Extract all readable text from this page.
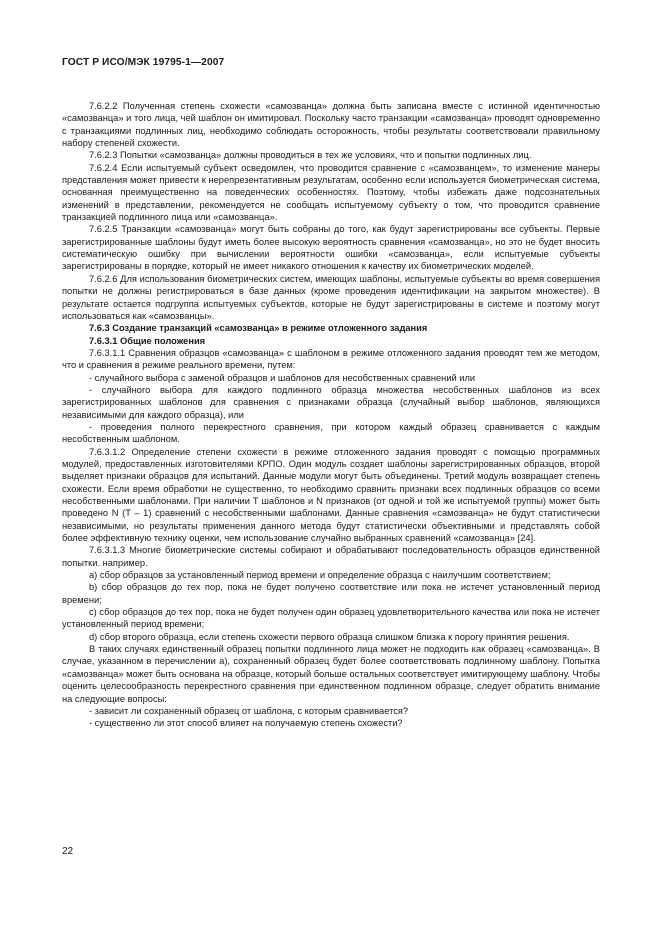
ГОСТ Р ИСО/МЭК 19795-1—2007

7.6.2.2 Полученная степень схожести «самозванца» должна быть записана вместе с истинной идентичностью «самозванца» и того лица, чей шаблон он имитировал. Поскольку часто транзакции «самозванца» проводят одновременно с транзакциями подлинных лиц, необходимо соблюдать осторожность, чтобы результаты соответствовали правильному набору степеней схожести.

7.6.2.3 Попытки «самозванца» должны проводиться в тех же условиях, что и попытки подлинных лиц.

7.6.2.4 Если испытуемый субъект осведомлен, что проводится сравнение с «самозванцем», то изменение манеры представления может привести к нерепрезентативным результатам, особенно если используется биометрическая система, основанная преимущественно на поведенческих особенностях. Поэтому, чтобы избежать даже подсознательных изменений в представлении, рекомендуется не сообщать испытуемому субъекту о том, что проводится сравнение транзакцией подлинного лица или «самозванца».

7.6.2.5 Транзакции «самозванца» могут быть собраны до того, как будут зарегистрированы все субъекты. Первые зарегистрированные шаблоны будут иметь более высокую вероятность сравнения «самозванца», но это не будет вносить систематическую ошибку при вычислении вероятности ошибки «самозванца», если испытуемые субъекты зарегистрированы в порядке, который не имеет никакого отношения к качеству их биометрических моделей.

7.6.2.6 Для использования биометрических систем, имеющих шаблоны, испытуемые субъекты во время совершения попытки не должны регистрироваться в базе данных (кроме проведения идентификации на закрытом множестве). В результате остается подгруппа испытуемых субъектов, которые не будут зарегистрированы в системе и поэтому могут использоваться как «самозванцы».

7.6.3 Создание транзакций «самозванца» в режиме отложенного задания

7.6.3.1 Общие положения

7.6.3.1.1 Сравнения образцов «самозванца» с шаблоном в режиме отложенного задания проводят тем же методом, что и сравнения в режиме реального времени, путем:

- случайного выбора с заменой образцов и шаблонов для несобственных сравнений или

- случайного выбора для каждого подлинного образца множества несобственных шаблонов из всех зарегистрированных шаблонов для сравнения с признаками образца (случайный выбор шаблонов, являющихся независимыми для каждого образца), или

- проведения полного перекрестного сравнения, при котором каждый образец сравнивается с каждым несобственным шаблоном.

7.6.3.1.2 Определение степени схожести в режиме отложенного задания проводят с помощью программных модулей, предоставленных изготовителями КРПО. Один модуль создает шаблоны зарегистрированных образцов, второй выделяет признаки образцов для испытаний. Данные модули могут быть объединены. Третий модуль возвращает степень схожести. Если время обработки не существенно, то необходимо сравнить признаки всех подлинных образцов со всеми несобственными шаблонами. При наличии T шаблонов и N признаков (от одной и той же испытуемой группы) может быть проведено N (T – 1) сравнений с несобственными шаблонами. Данные сравнения «самозванца» не будут статистически независимыми, но результаты применения данного метода будут статистически объективными и представлять собой более эффективную технику оценки, чем использование случайно выбранных сравнений «самозванца» [24].

7.6.3.1.3 Многие биометрические системы собирают и обрабатывают последовательность образцов единственной попытки. например.

а) сбор образцов за установленный период времени и определение образца с наилучшим соответствием;

b) сбор образцов до тех пор, пока не будет получено соответствие или пока не истечет установленный период времени;

с) сбор образцов до тех пор, пока не будет получен один образец удовлетворительного качества или пока не истечет установленный период времени;

d) сбор второго образца, если степень схожести первого образца слишком близка к порогу принятия решения.

В таких случаях единственный образец попытки подлинного лица может не подходить как образец «самозванца». В случае, указанном в перечислении а), сохраненный образец будет более соответствовать подлинному шаблону. Попытка «самозванца» может быть основана на образце, который больше остальных соответствует имитирующему шаблону. Чтобы оценить целесообразность перекрестного сравнения при единственном подлинном образце, следует обратить внимание на следующие вопросы:

- зависит ли сохраненный образец от шаблона, с которым сравнивается?

- существенно ли этот способ влияет на получаемую степень схожести?

22
